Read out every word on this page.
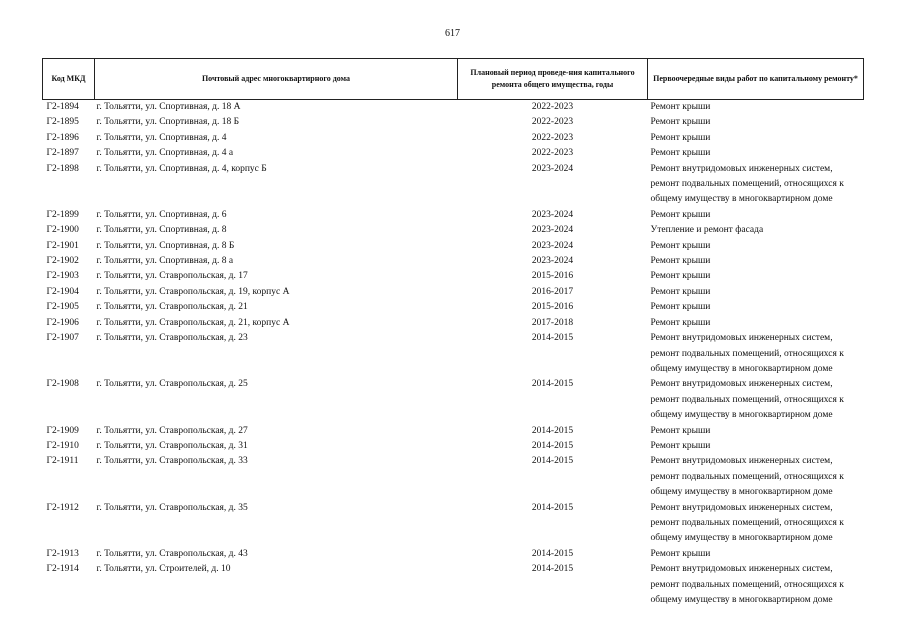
617
Код МКД	Почтовый адрес многоквартирного дома	Плановый период проведе-ния капитального ремонта общего имущества, годы	Первоочередные виды работ по капитальному ремонту*
Г2-1894	г. Тольятти, ул. Спортивная, д. 18 А	2022-2023	Ремонт крыши

Г2-1895	г. Тольятти, ул. Спортивная, д. 18 Б	2022-2023	Ремонт крыши

Г2-1896	г. Тольятти, ул. Спортивная, д. 4	2022-2023	Ремонт крыши

Г2-1897	г. Тольятти, ул. Спортивная, д. 4 а	2022-2023	Ремонт крыши

Г2-1898	г. Тольятти, ул. Спортивная, д. 4, корпус Б	2023-2024	Ремонт внутридомовых инженерных систем,
ремонт подвальных помещений, относящихся к
общему имуществу в многоквартирном доме

Г2-1899	г. Тольятти, ул. Спортивная, д. 6	2023-2024	Ремонт крыши

Г2-1900	г. Тольятти, ул. Спортивная, д. 8	2023-2024	Утепление и ремонт фасада

Г2-1901	г. Тольятти, ул. Спортивная, д. 8 Б	2023-2024	Ремонт крыши

Г2-1902	г. Тольятти, ул. Спортивная, д. 8 а	2023-2024	Ремонт крыши

Г2-1903	г. Тольятти, ул. Ставропольская, д. 17	2015-2016	Ремонт крыши

Г2-1904	г. Тольятти, ул. Ставропольская, д. 19, корпус А	2016-2017	Ремонт крыши

Г2-1905	г. Тольятти, ул. Ставропольская, д. 21	2015-2016	Ремонт крыши

Г2-1906	г. Тольятти, ул. Ставропольская, д. 21, корпус А	2017-2018	Ремонт крыши

Г2-1907	г. Тольятти, ул. Ставропольская, д. 23	2014-2015	Ремонт внутридомовых инженерных систем,
ремонт подвальных помещений, относящихся к
общему имуществу в многоквартирном доме

Г2-1908	г. Тольятти, ул. Ставропольская, д. 25	2014-2015	Ремонт внутридомовых инженерных систем,
ремонт подвальных помещений, относящихся к
общему имуществу в многоквартирном доме

Г2-1909	г. Тольятти, ул. Ставропольская, д. 27	2014-2015	Ремонт крыши

Г2-1910	г. Тольятти, ул. Ставропольская, д. 31	2014-2015	Ремонт крыши

Г2-1911	г. Тольятти, ул. Ставропольская, д. 33	2014-2015	Ремонт внутридомовых инженерных систем,
ремонт подвальных помещений, относящихся к
общему имуществу в многоквартирном доме

Г2-1912	г. Тольятти, ул. Ставропольская, д. 35	2014-2015	Ремонт внутридомовых инженерных систем,
ремонт подвальных помещений, относящихся к
общему имуществу в многоквартирном доме

Г2-1913	г. Тольятти, ул. Ставропольская, д. 43	2014-2015	Ремонт крыши

Г2-1914	г. Тольятти, ул. Строителей, д. 10	2014-2015	Ремонт внутридомовых инженерных систем,
ремонт подвальных помещений, относящихся к
общему имуществу в многоквартирном доме
